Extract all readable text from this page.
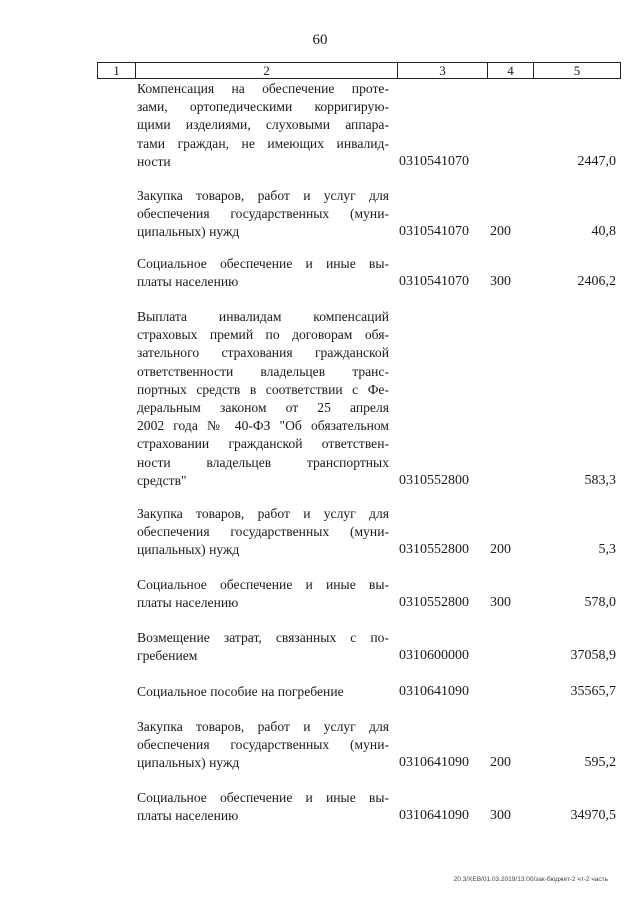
60
1	2	3	4	5
Компенсация на обеспечение проте-
зами, ортопедическими корригирую-
щими изделиями, слуховыми аппара-
тами граждан, не имеющих инвалид-
ности	0310541070	2447,0
Закупка товаров, работ и услуг для
обеспечения государственных (муни-
ципальных) нужд	0310541070 200	40,8
Социальное обеспечение и иные вы-
платы населению	0310541070 300	2406,2
Выплата инвалидам компенсаций
страховых премий по договорам обя-
зательного страхования гражданской
ответственности владельцев транс-
портных средств в соответствии с Фе-
деральным законом от 25 апреля
2002 года № 40-ФЗ "Об обязательном
страховании гражданской ответствен-
ности владельцев транспортных
средств"	0310552800	583,3
Закупка товаров, работ и услуг для
обеспечения государственных (муни-
ципальных) нужд	0310552800 200	5,3
Социальное обеспечение и иные вы-
платы населению	0310552800 300	578,0
Возмещение затрат, связанных с по-
гребением	0310600000	37058,9
Социальное пособие на погребение	0310641090	35565,7
Закупка товаров, работ и услуг для
обеспечения государственных (муни-
ципальных) нужд	0310641090 200	595,2
Социальное обеспечение и иные вы-
платы населению	0310641090 300	34970,5
20.3/ХЕВ/01.03.2019/13:00/зак-бюджет-2 чт-2 часть
